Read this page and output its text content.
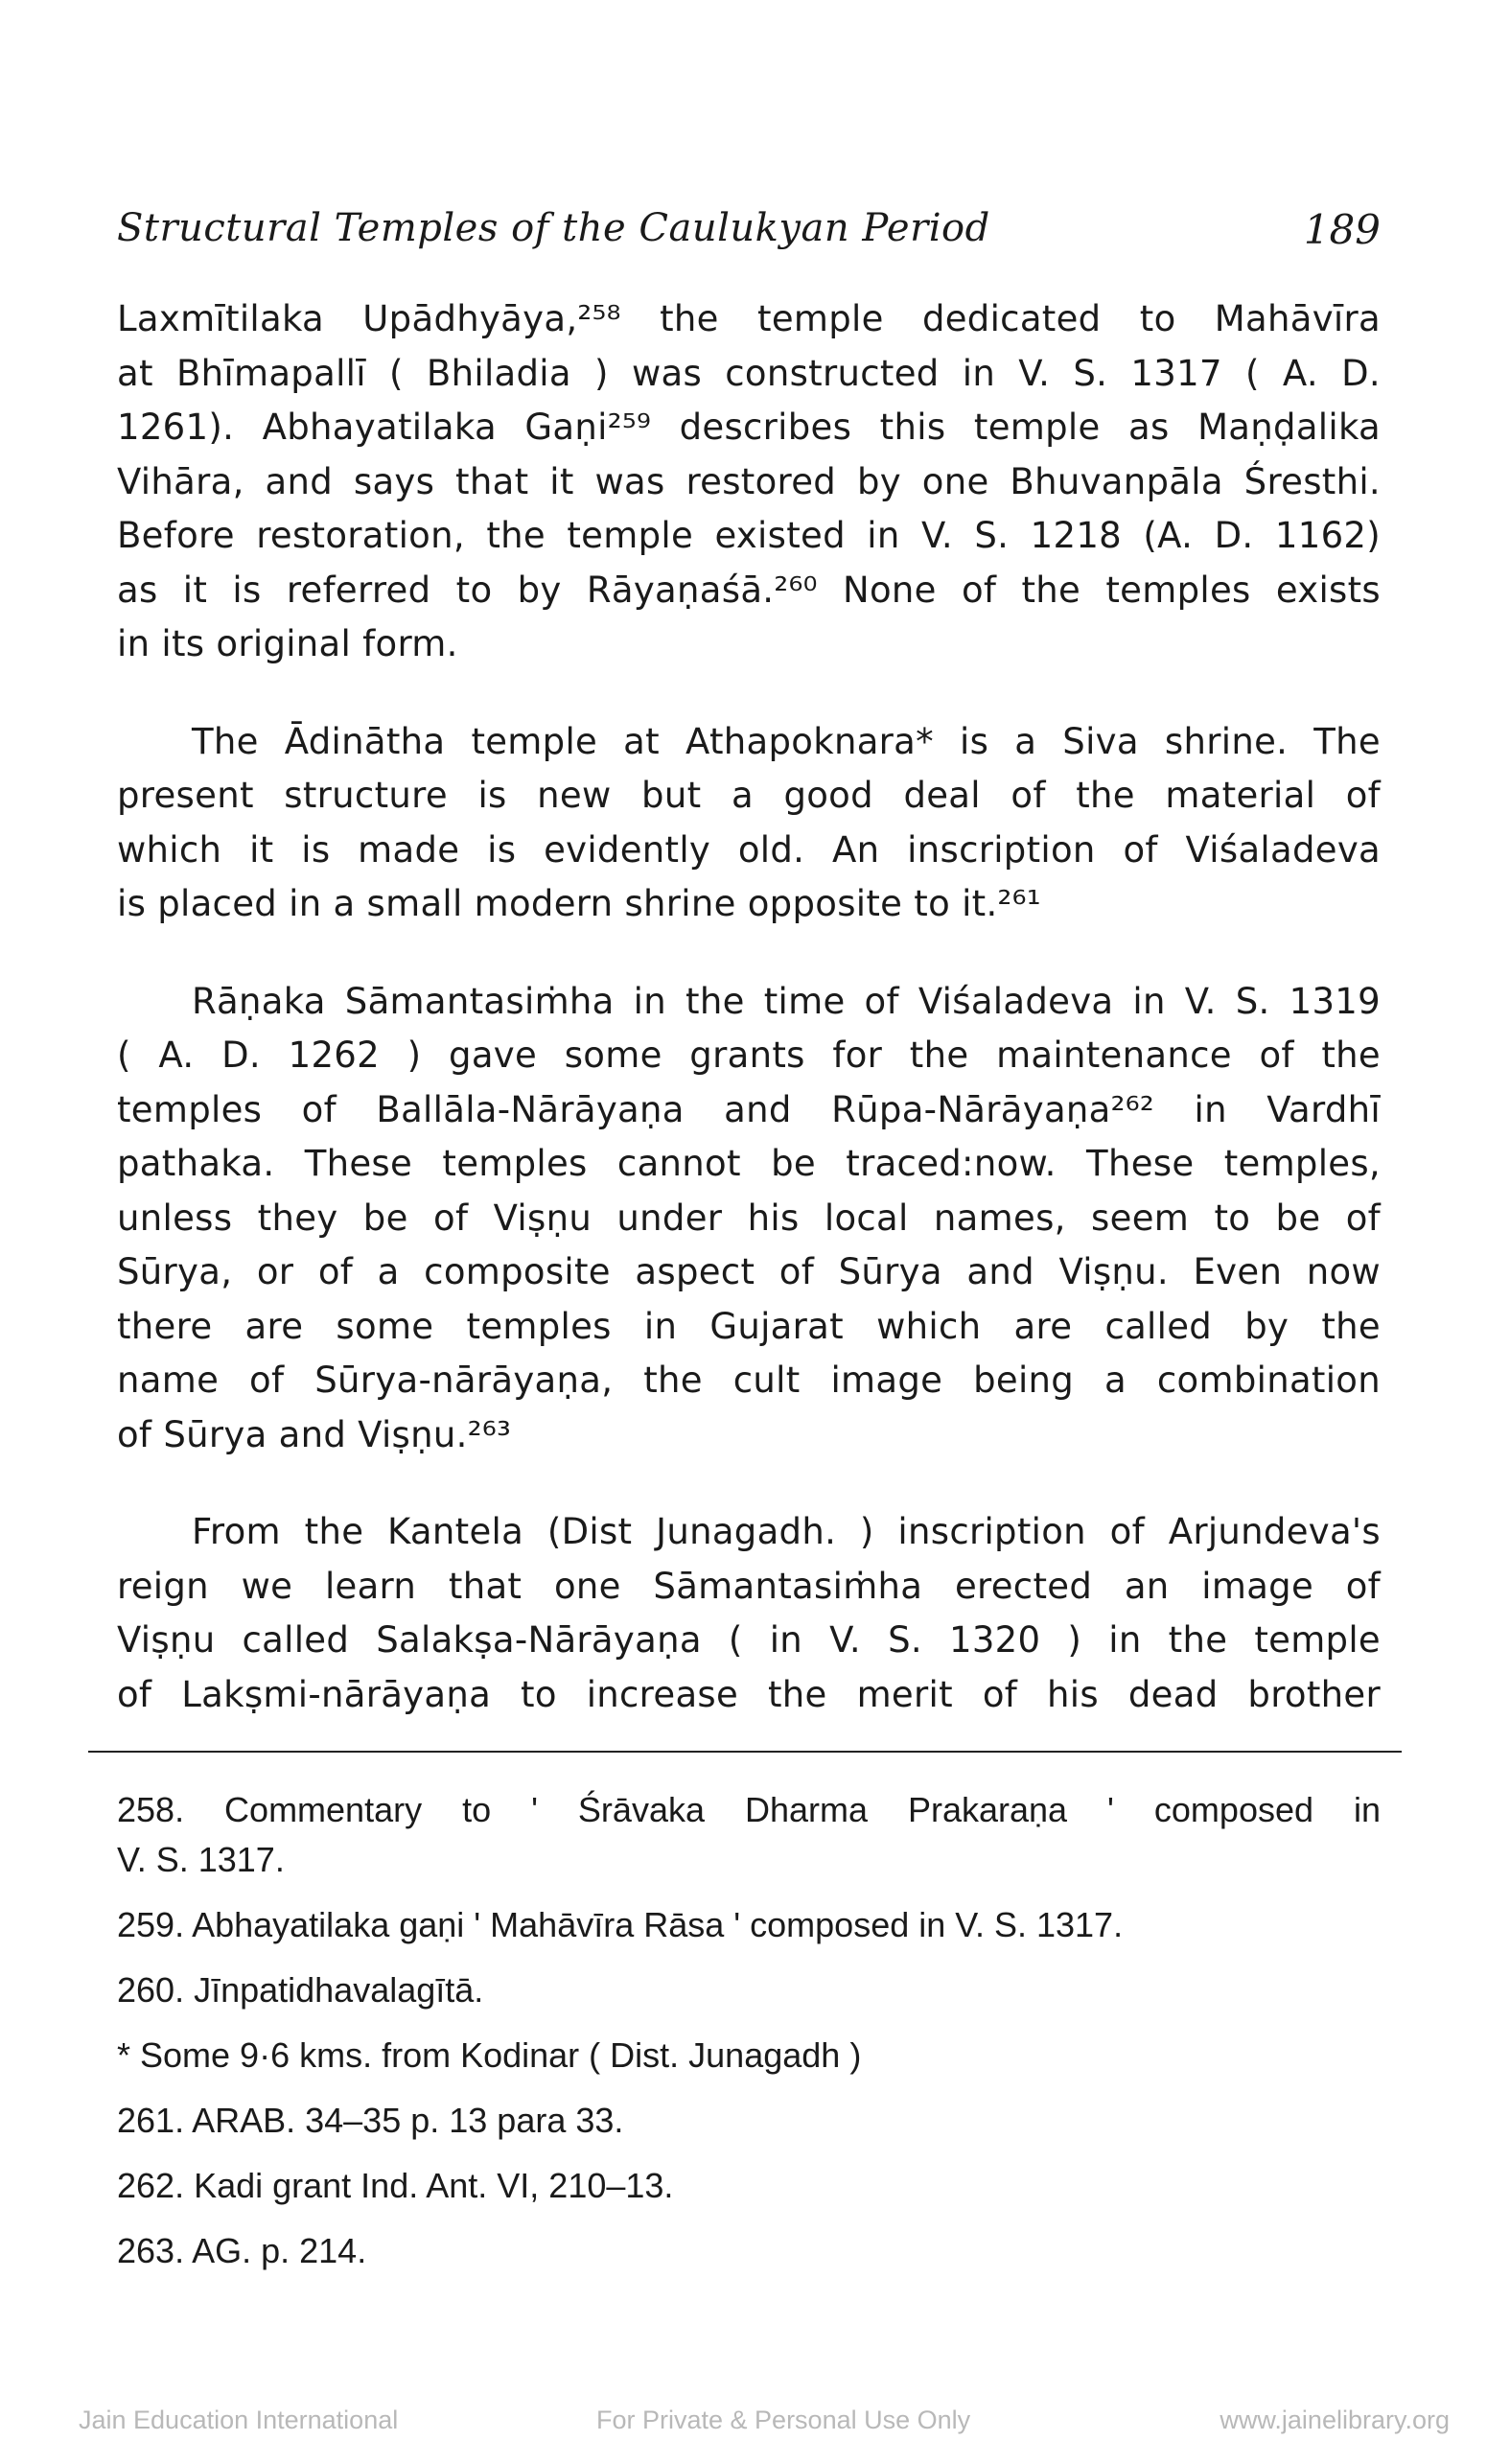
Structural Temples of the Caulukyan Period	189
Laxmītilaka Upādhyāya,²⁵⁸ the temple dedicated to Mahāvīra
at Bhīmapallī ( Bhiladia ) was constructed in V. S. 1317 ( A. D.
1261). Abhayatilaka Gaṇi²⁵⁹ describes this temple as Maṇḍalika
Vihāra, and says that it was restored by one Bhuvanpāla Śresthi.
Before restoration, the temple existed in V. S. 1218 (A. D. 1162)
as it is referred to by Rāyaṇaśā.²⁶⁰ None of the temples exists
in its original form.
The Ādinātha temple at Athapoknara* is a Siva shrine. The
present structure is new but a good deal of the material of
which it is made is evidently old. An inscription of Viśaladeva
is placed in a small modern shrine opposite to it.²⁶¹
Rāṇaka Sāmantasiṁha in the time of Viśaladeva in V. S. 1319
( A. D. 1262 ) gave some grants for the maintenance of the
temples of Ballāla-Nārāyaṇa and Rūpa-Nārāyaṇa²⁶² in Vardhī
pathaka. These temples cannot be traced:now. These temples,
unless they be of Viṣṇu under his local names, seem to be of
Sūrya, or of a composite aspect of Sūrya and Viṣṇu. Even now
there are some temples in Gujarat which are called by the
name of Sūrya-nārāyaṇa, the cult image being a combination
of Sūrya and Viṣṇu.²⁶³
From the Kantela (Dist Junagadh. ) inscription of Arjundeva's
reign we learn that one Sāmantasiṁha erected an image of
Viṣṇu called Salakṣa-Nārāyaṇa ( in V. S. 1320 ) in the temple
of Lakṣmi-nārāyaṇa to increase the merit of his dead brother
258. Commentary to ' Śrāvaka Dharma Prakaraṇa ' composed in
V. S. 1317.
259. Abhayatilaka gaṇi ' Mahāvīra Rāsa ' composed in V. S. 1317.
260. Jīnpatidhavalagītā.
* Some 9·6 kms. from Kodinar ( Dist. Junagadh )
261. ARAB. 34–35 p. 13 para 33.
262. Kadi grant Ind. Ant. VI, 210–13.
263. AG. p. 214.
Jain Education International	For Private & Personal Use Only	www.jainelibrary.org
